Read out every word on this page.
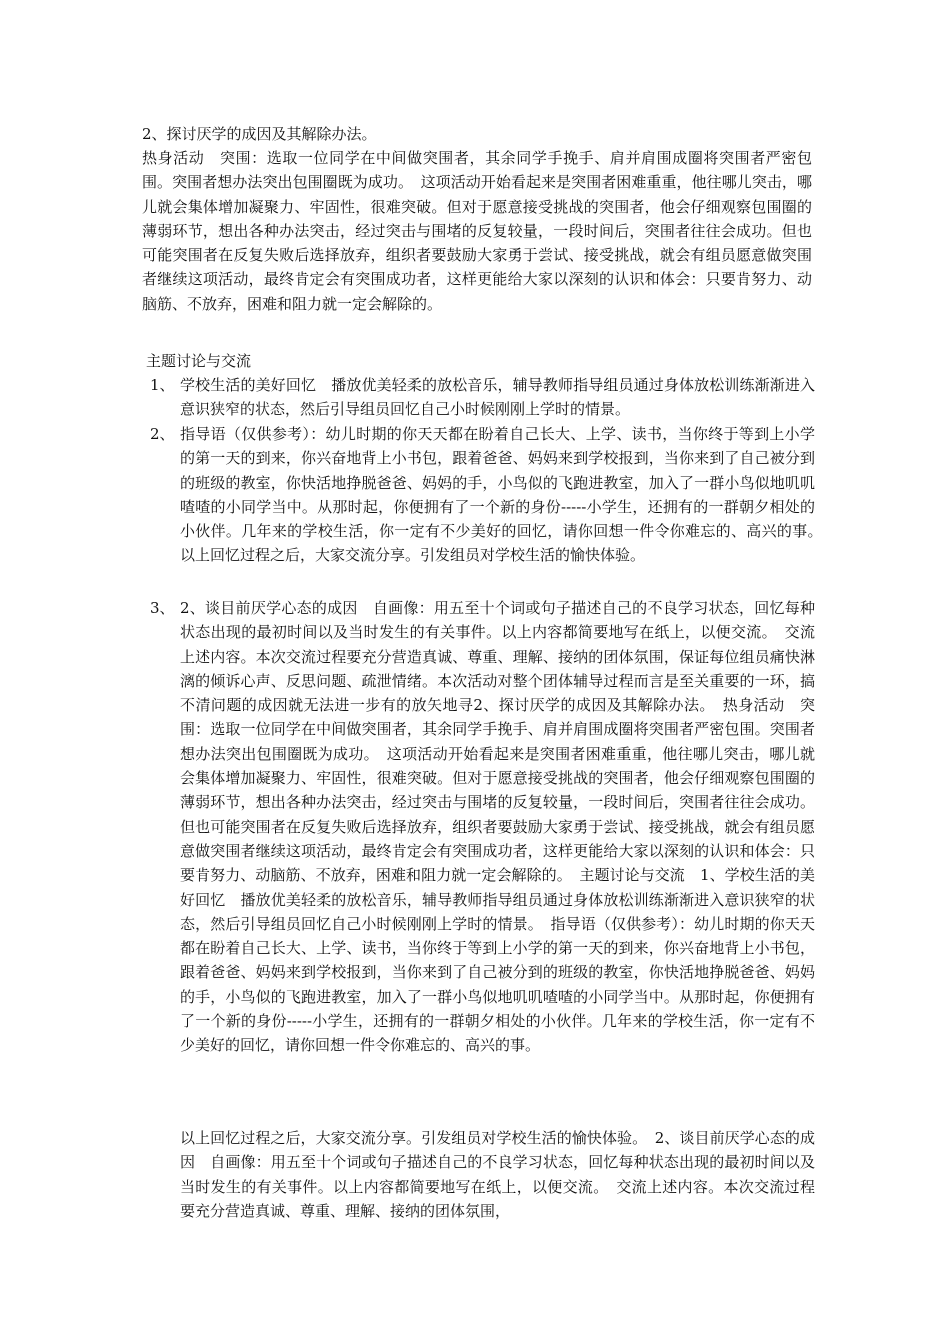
2、探讨厌学的成因及其解除办法。

热身活动　突围：选取一位同学在中间做突围者，其余同学手挽手、肩并肩围成圈将突围者严密包围。突围者想办法突出包围圈既为成功。　这项活动开始看起来是突围者困难重重，他往哪儿突击，哪儿就会集体增加凝聚力、牢固性，很难突破。但对于愿意接受挑战的突围者，他会仔细观察包围圈的薄弱环节，想出各种办法突击，经过突击与围堵的反复较量，一段时间后，突围者往往会成功。但也可能突围者在反复失败后选择放弃，组织者要鼓励大家勇于尝试、接受挑战，就会有组员愿意做突围者继续这项活动，最终肯定会有突围成功者，这样更能给大家以深刻的认识和体会：只要肯努力、动脑筋、不放弃，困难和阻力就一定会解除的。

主题讨论与交流

1、 学校生活的美好回忆　播放优美轻柔的放松音乐，辅导教师指导组员通过身体放松训练渐渐进入意识狭窄的状态，然后引导组员回忆自己小时候刚刚上学时的情景。

2、 指导语（仅供参考）：幼儿时期的你天天都在盼着自己长大、上学、读书，当你终于等到上小学的第一天的到来，你兴奋地背上小书包，跟着爸爸、妈妈来到学校报到，当你来到了自己被分到的班级的教室，你快活地挣脱爸爸、妈妈的手，小鸟似的飞跑进教室，加入了一群小鸟似地叽叽喳喳的小同学当中。从那时起，你便拥有了一个新的身份-----小学生，还拥有的一群朝夕相处的小伙伴。几年来的学校生活，你一定有不少美好的回忆，请你回想一件令你难忘的、高兴的事。　以上回忆过程之后，大家交流分享。引发组员对学校生活的愉快体验。

3、 2、谈目前厌学心态的成因　自画像：用五至十个词或句子描述自己的不良学习状态，回忆每种状态出现的最初时间以及当时发生的有关事件。以上内容都简要地写在纸上，以便交流。　交流上述内容。本次交流过程要充分营造真诚、尊重、理解、接纳的团体氛围，保证每位组员痛快淋漓的倾诉心声、反思问题、疏泄情绪。本次活动对整个团体辅导过程而言是至关重要的一环，搞不清问题的成因就无法进一步有的放矢地寻2、探讨厌学的成因及其解除办法。　热身活动　突围：选取一位同学在中间做突围者，其余同学手挽手、肩并肩围成圈将突围者严密包围。突围者想办法突出包围圈既为成功。　这项活动开始看起来是突围者困难重重，他往哪儿突击，哪儿就会集体增加凝聚力、牢固性，很难突破。但对于愿意接受挑战的突围者，他会仔细观察包围圈的薄弱环节，想出各种办法突击，经过突击与围堵的反复较量，一段时间后，突围者往往会成功。但也可能突围者在反复失败后选择放弃，组织者要鼓励大家勇于尝试、接受挑战，就会有组员愿意做突围者继续这项活动，最终肯定会有突围成功者，这样更能给大家以深刻的认识和体会：只要肯努力、动脑筋、不放弃，困难和阻力就一定会解除的。　主题讨论与交流　1、学校生活的美好回忆　播放优美轻柔的放松音乐，辅导教师指导组员通过身体放松训练渐渐进入意识狭窄的状态，然后引导组员回忆自己小时候刚刚上学时的情景。　指导语（仅供参考）：幼儿时期的你天天都在盼着自己长大、上学、读书，当你终于等到上小学的第一天的到来，你兴奋地背上小书包，跟着爸爸、妈妈来到学校报到，当你来到了自己被分到的班级的教室，你快活地挣脱爸爸、妈妈的手，小鸟似的飞跑进教室，加入了一群小鸟似地叽叽喳喳的小同学当中。从那时起，你便拥有了一个新的身份-----小学生，还拥有的一群朝夕相处的小伙伴。几年来的学校生活，你一定有不少美好的回忆，请你回想一件令你难忘的、高兴的事。

以上回忆过程之后，大家交流分享。引发组员对学校生活的愉快体验。　2、谈目前厌学心态的成因　自画像：用五至十个词或句子描述自己的不良学习状态，回忆每种状态出现的最初时间以及当时发生的有关事件。以上内容都简要地写在纸上，以便交流。　交流上述内容。本次交流过程要充分营造真诚、尊重、理解、接纳的团体氛围，
